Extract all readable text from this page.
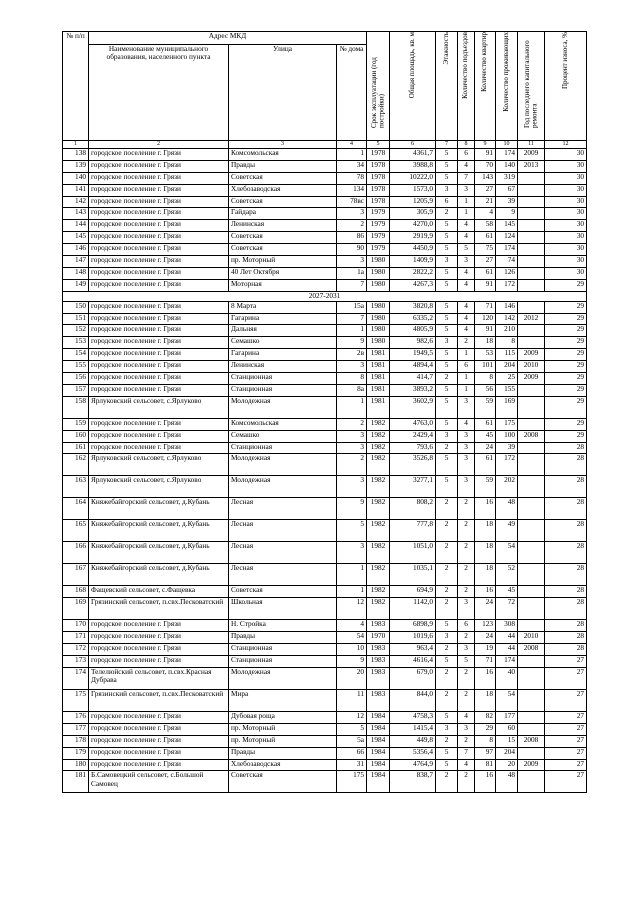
№ п/п	Адрес МКД			Срок эксплуатации (год постройки)	Общая площадь, кв. м	Этажность	Количество подъездов	Количество квартир	Количество проживающих	Год последнего капитального ремонта	Процент износа, %
	Наименование муниципального образования, населенного пункта	Улица	№ дома								
1	2	3	4	5	6	7	8	9	10	11	12
138	городское поселение г. Грязи	Комсомольская	1	1978	4361,7	5	6	91	174	2009	30
139	городское поселение г. Грязи	Правды	34	1978	3988,8	5	4	70	140	2013	30
140	городское поселение г. Грязи	Советская	78	1978	10222,0	5	7	143	319		30
141	городское поселение г. Грязи	Хлебозаводская	134	1978	1573,0	3	3	27	67		30
142	городское поселение г. Грязи	Советская	78вс	1978	1205,9	6	1	21	39		30
143	городское поселение г. Грязи	Гайдара	3	1979	305,9	2	1	4	9		30
144	городское поселение г. Грязи	Ленинская	2	1979	4270,0	5	4	58	145		30
145	городское поселение г. Грязи	Советская	86	1979	2919,9	5	4	61	124		30
146	городское поселение г. Грязи	Советская	90	1979	4450,9	5	5	75	174		30
147	городское поселение г. Грязи	пр. Моторный	3	1980	1409,9	3	3	27	74		30
148	городское поселение г. Грязи	40 Лет Октября	1а	1980	2822,2	5	4	61	126		30
149	городское поселение г. Грязи	Моторная	7	1980	4267,3	5	4	91	172		29
2027-2031											
150	городское поселение г. Грязи	8 Марта	15а	1980	3820,8	5	4	71	146		29
151	городское поселение г. Грязи	Гагарина	7	1980	6335,2	5	4	120	142	2012	29
152	городское поселение г. Грязи	Дальняя	1	1980	4805,9	5	4	91	210		29
153	городское поселение г. Грязи	Семашко	9	1980	982,6	3	2	18	8		29
154	городское поселение г. Грязи	Гагарина	2в	1981	1949,5	5	1	53	115	2009	29
155	городское поселение г. Грязи	Ленинская	3	1981	4894,4	5	6	101	204	2010	29
156	городское поселение г. Грязи	Станционная	8	1981	414,7	2	1	8	25	2009	29
157	городское поселение г. Грязи	Станционная	8а	1981	3893,2	5	1	56	155		29
158	Ярлуковский сельсовет, с.Ярлуково	Молодежная	1	1981	3602,9	5	3	59	169		29
159	городское поселение г. Грязи	Комсомольская	2	1982	4763,0	5	4	61	175		29
160	городское поселение г. Грязи	Семашко	3	1982	2429,4	3	3	45	100	2008	29
161	городское поселение г. Грязи	Станционная	3	1982	793,6	2	3	24	39		28
162	Ярлуковский сельсовет, с.Ярлуково	Молодежная	2	1982	3526,8	5	3	61	172		28
163	Ярлуковский сельсовет, с.Ярлуково	Молодежная	3	1982	3277,1	5	3	59	202		28
164	Княжебайгорский сельсовет, д.Кубань	Лесная	9	1982	808,2	2	2	16	48		28
165	Княжебайгорский сельсовет, д.Кубань	Лесная	5	1982	777,8	2	2	18	49		28
166	Княжебайгорский сельсовет, д.Кубань	Лесная	3	1982	1051,0	2	2	18	54		28
167	Княжебайгорский сельсовет, д.Кубань	Лесная	1	1982	1035,1	2	2	18	52		28
168	Фащевский сельсовет, с.Фащевка	Советская	1	1982	694,9	2	2	16	45		28
169	Грязинский сельсовет, п.свх.Песковатский	Школьная	12	1982	1142,0	2	3	24	72		28
170	городское поселение г. Грязи	Н. Стройка	4	1983	6898,9	5	6	123	308		28
171	городское поселение г. Грязи	Правды	54	1970	1019,6	3	2	24	44	2010	28
172	городское поселение г. Грязи	Станционная	10	1983	963,4	2	3	19	44	2008	28
173	городское поселение г. Грязи	Станционная	9	1983	4616,4	5	5	71	174		27
174	Телелюйский сельсовет, п.свх.Красная Дубрава	Молодежная	20	1983	679,0	2	2	16	40		27
175	Грязинский сельсовет, п.свх.Песковатский	Мира	11	1983	844,0	2	2	18	54		27
176	городское поселение г. Грязи	Дубовая роща	12	1984	4758,3	5	4	82	177		27
177	городское поселение г. Грязи	пр. Моторный	5	1984	1415,4	3	3	29	60		27
178	городское поселение г. Грязи	пр. Моторный	5а	1984	449,8	2	2	8	15	2008	27
179	городское поселение г. Грязи	Правды	66	1984	5356,4	5	7	97	204		27
180	городское поселение г. Грязи	Хлебозаводская	31	1984	4764,9	5	4	81	20	2009	27
181	Б.Самовецкий сельсовет, с.Большой Самовец	Советская	175	1984	838,7	2	2	16	48		27
